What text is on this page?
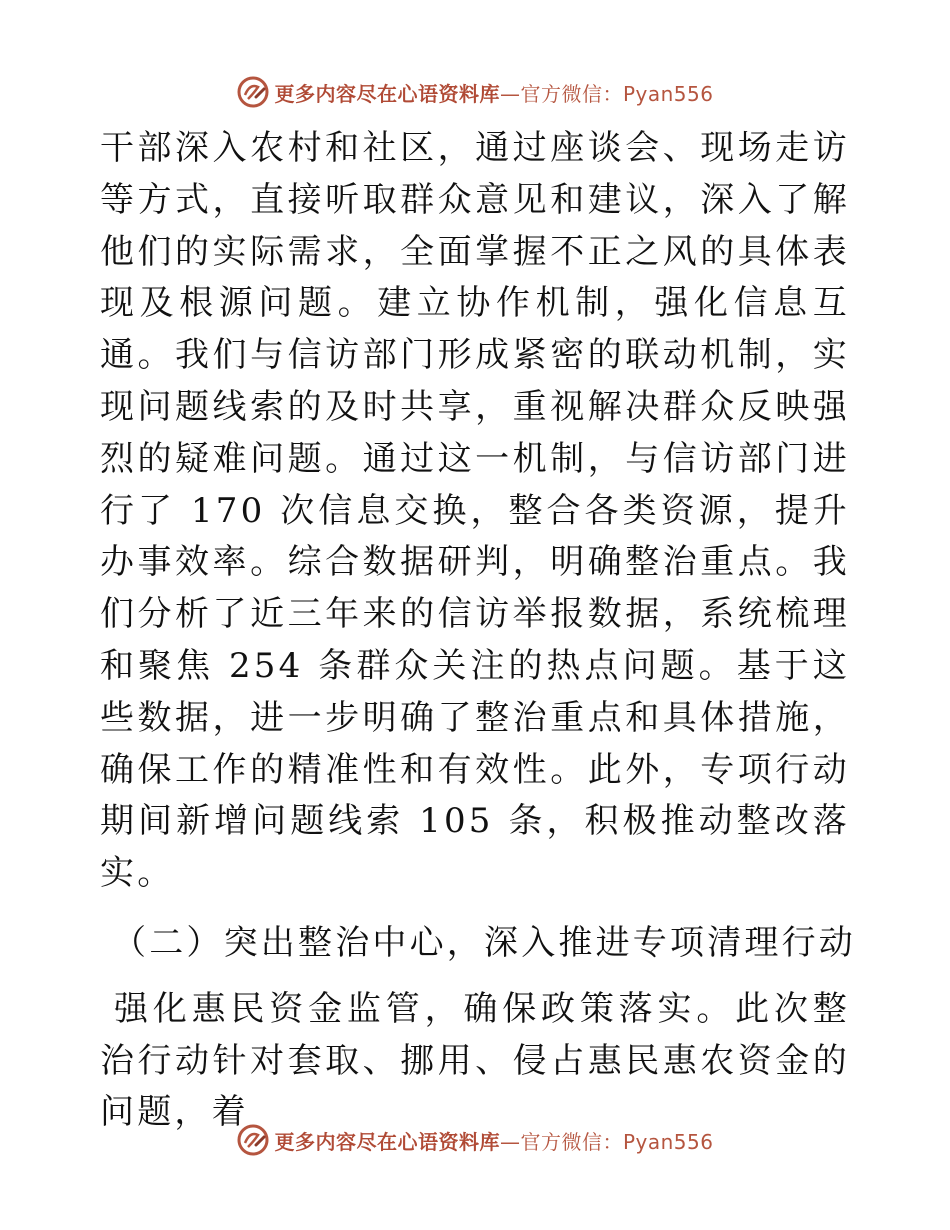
更多内容尽在心语资料库—官方微信：Pyan556

干部深入农村和社区，通过座谈会、现场走访等方式，直接听取群众意见和建议，深入了解他们的实际需求，全面掌握不正之风的具体表现及根源问题。建立协作机制，强化信息互通。我们与信访部门形成紧密的联动机制，实现问题线索的及时共享，重视解决群众反映强烈的疑难问题。通过这一机制，与信访部门进行了 170 次信息交换，整合各类资源，提升办事效率。综合数据研判，明确整治重点。我们分析了近三年来的信访举报数据，系统梳理和聚焦 254 条群众关注的热点问题。基于这些数据，进一步明确了整治重点和具体措施，确保工作的精准性和有效性。此外，专项行动期间新增问题线索 105 条，积极推动整改落实。

（二）突出整治中心，深入推进专项清理行动

强化惠民资金监管，确保政策落实。此次整治行动针对套取、挪用、侵占惠民惠农资金的问题，着

更多内容尽在心语资料库—官方微信：Pyan556
